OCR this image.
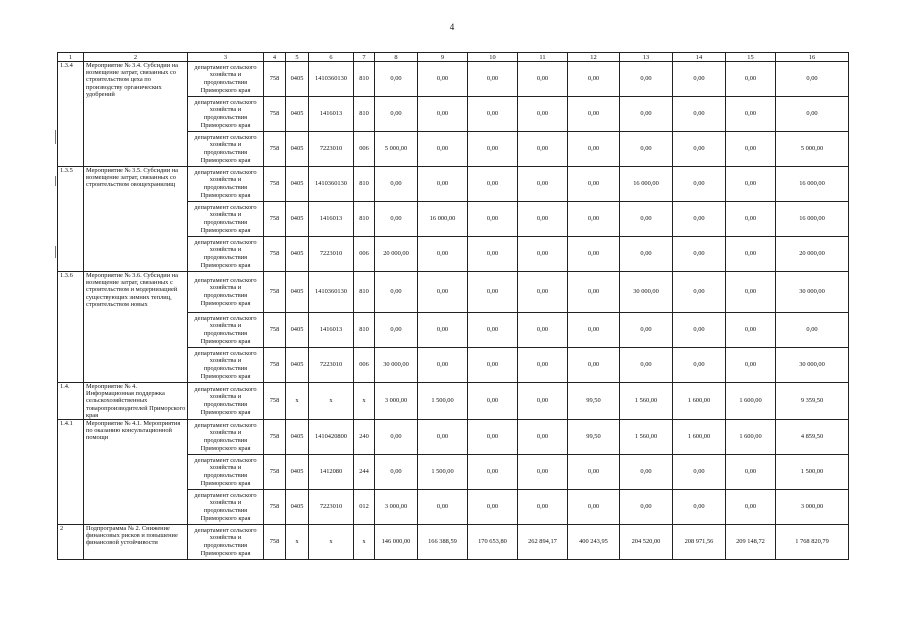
4
1	2	3	4	5	6	7	8	9	10	11	12	13	14	15	16
1.3.4	Мероприятие № 3.4. Субсидии на возмещение затрат, связанных со строительством цеха по производству органических удобрений	департамент сельского хозяйства и продовольствия Приморского края	758	0405	1410360130	810	0,00	0,00	0,00	0,00	0,00	0,00	0,00	0,00	0,00
		департамент сельского хозяйства и продовольствия Приморского края	758	0405	1416013	810	0,00	0,00	0,00	0,00	0,00	0,00	0,00	0,00	0,00
		департамент сельского хозяйства и продовольствия Приморского края	758	0405	7223010	006	5 000,00	0,00	0,00	0,00	0,00	0,00	0,00	0,00	5 000,00
1.3.5	Мероприятие № 3.5. Субсидии на возмещение затрат, связанных со строительством овощехранилищ	департамент сельского хозяйства и продовольствия Приморского края	758	0405	1410360130	810	0,00	0,00	0,00	0,00	0,00	16 000,00	0,00	0,00	16 000,00
		департамент сельского хозяйства и продовольствия Приморского края	758	0405	1416013	810	0,00	16 000,00	0,00	0,00	0,00	0,00	0,00	0,00	16 000,00
		департамент сельского хозяйства и продовольствия Приморского края	758	0405	7223010	006	20 000,00	0,00	0,00	0,00	0,00	0,00	0,00	0,00	20 000,00
1.3.6	Мероприятие № 3.6. Субсидии на возмещение затрат, связанных с строительством и модернизацией существующих зимних теплиц, строительством новых	департамент сельского хозяйства и продовольствия Приморского края	758	0405	1410360130	810	0,00	0,00	0,00	0,00	0,00	30 000,00	0,00	0,00	30 000,00
		департамент сельского хозяйства и продовольствия Приморского края	758	0405	1416013	810	0,00	0,00	0,00	0,00	0,00	0,00	0,00	0,00	0,00
		департамент сельского хозяйства и продовольствия Приморского края	758	0405	7223010	006	30 000,00	0,00	0,00	0,00	0,00	0,00	0,00	0,00	30 000,00
1.4.	Мероприятие № 4. Информационная поддержка сельскохозяйственных товаропроизводителей Приморского края	департамент сельского хозяйства и продовольствия Приморского края	758	x	x	x	3 000,00	1 500,00	0,00	0,00	99,50	1 560,00	1 600,00	1 600,00	9 359,50
1.4.1	Мероприятие № 4.1. Мероприятия по оказанию консультационной помощи	департамент сельского хозяйства и продовольствия Приморского края	758	0405	1410420800	240	0,00	0,00	0,00	0,00	99,50	1 560,00	1 600,00	1 600,00	4 859,50
		департамент сельского хозяйства и продовольствия Приморского края	758	0405	1412080	244	0,00	1 500,00	0,00	0,00	0,00	0,00	0,00	0,00	1 500,00
		департамент сельского хозяйства и продовольствия Приморского края	758	0405	7223010	012	3 000,00	0,00	0,00	0,00	0,00	0,00	0,00	0,00	3 000,00
2	Подпрограмма № 2. Снижение финансовых рисков и повышение финансовой устойчивости	департамент сельского хозяйства и продовольствия Приморского края	758	x	x	x	146 000,00	166 388,59	170 653,80	262 894,17	400 243,95	204 520,00	208 971,56	209 148,72	1 768 820,79
